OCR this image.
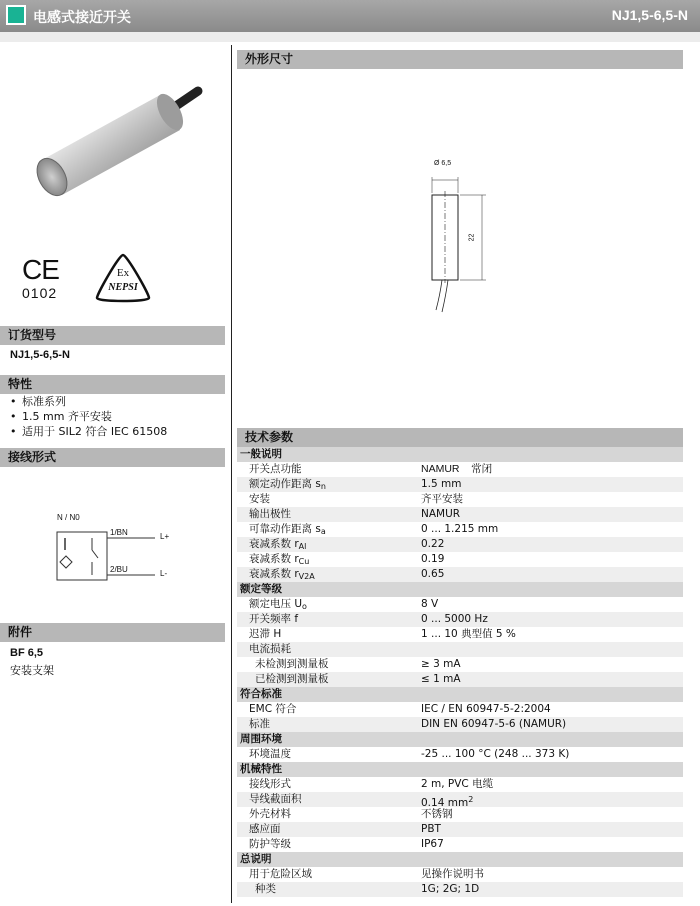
电感式接近开关	NJ1,5-6,5-N
CE
0102
Ex
NEPSI
订货型号
NJ1,5-6,5-N
特性
• 标准系列
• 1.5 mm 齐平安装
• 适用于 SIL2 符合 IEC 61508
接线形式
N / N0
1/BN
2/BU
L+
L-
附件
BF 6,5
安装支架
外形尺寸
Ø 6,5
22
技术参数
一般说明
开关点功能	NAMUR 常闭
额定动作距离 $s_n$	1.5 mm
安装	齐平安装
输出极性	NAMUR
可靠动作距离 $s_a$	0 ... 1.215 mm
衰减系数 $r_{Al}$	0.22
衰减系数 $r_{Cu}$	0.19
衰减系数 $r_{V2A}$	0.65
额定等级
额定电压 $U_o$	8 V
开关频率 f	0 ... 5000 Hz
迟滞 H	1 ... 10 典型值 5 %
电流损耗
未检测到测量板	≥ 3 mA
已检测到测量板	≤ 1 mA
符合标准
EMC 符合	IEC / EN 60947-5-2:2004
标准	DIN EN 60947-5-6 (NAMUR)
周围环境
环境温度	-25 ... 100 °C (248 ... 373 K)
机械特性
接线形式	2 m, PVC 电缆
导线截面积	0.14 $mm^2$
外壳材料	不锈钢
感应面	PBT
防护等级	IP67
总说明
用于危险区域	见操作说明书
种类	1G; 2G; 1D
